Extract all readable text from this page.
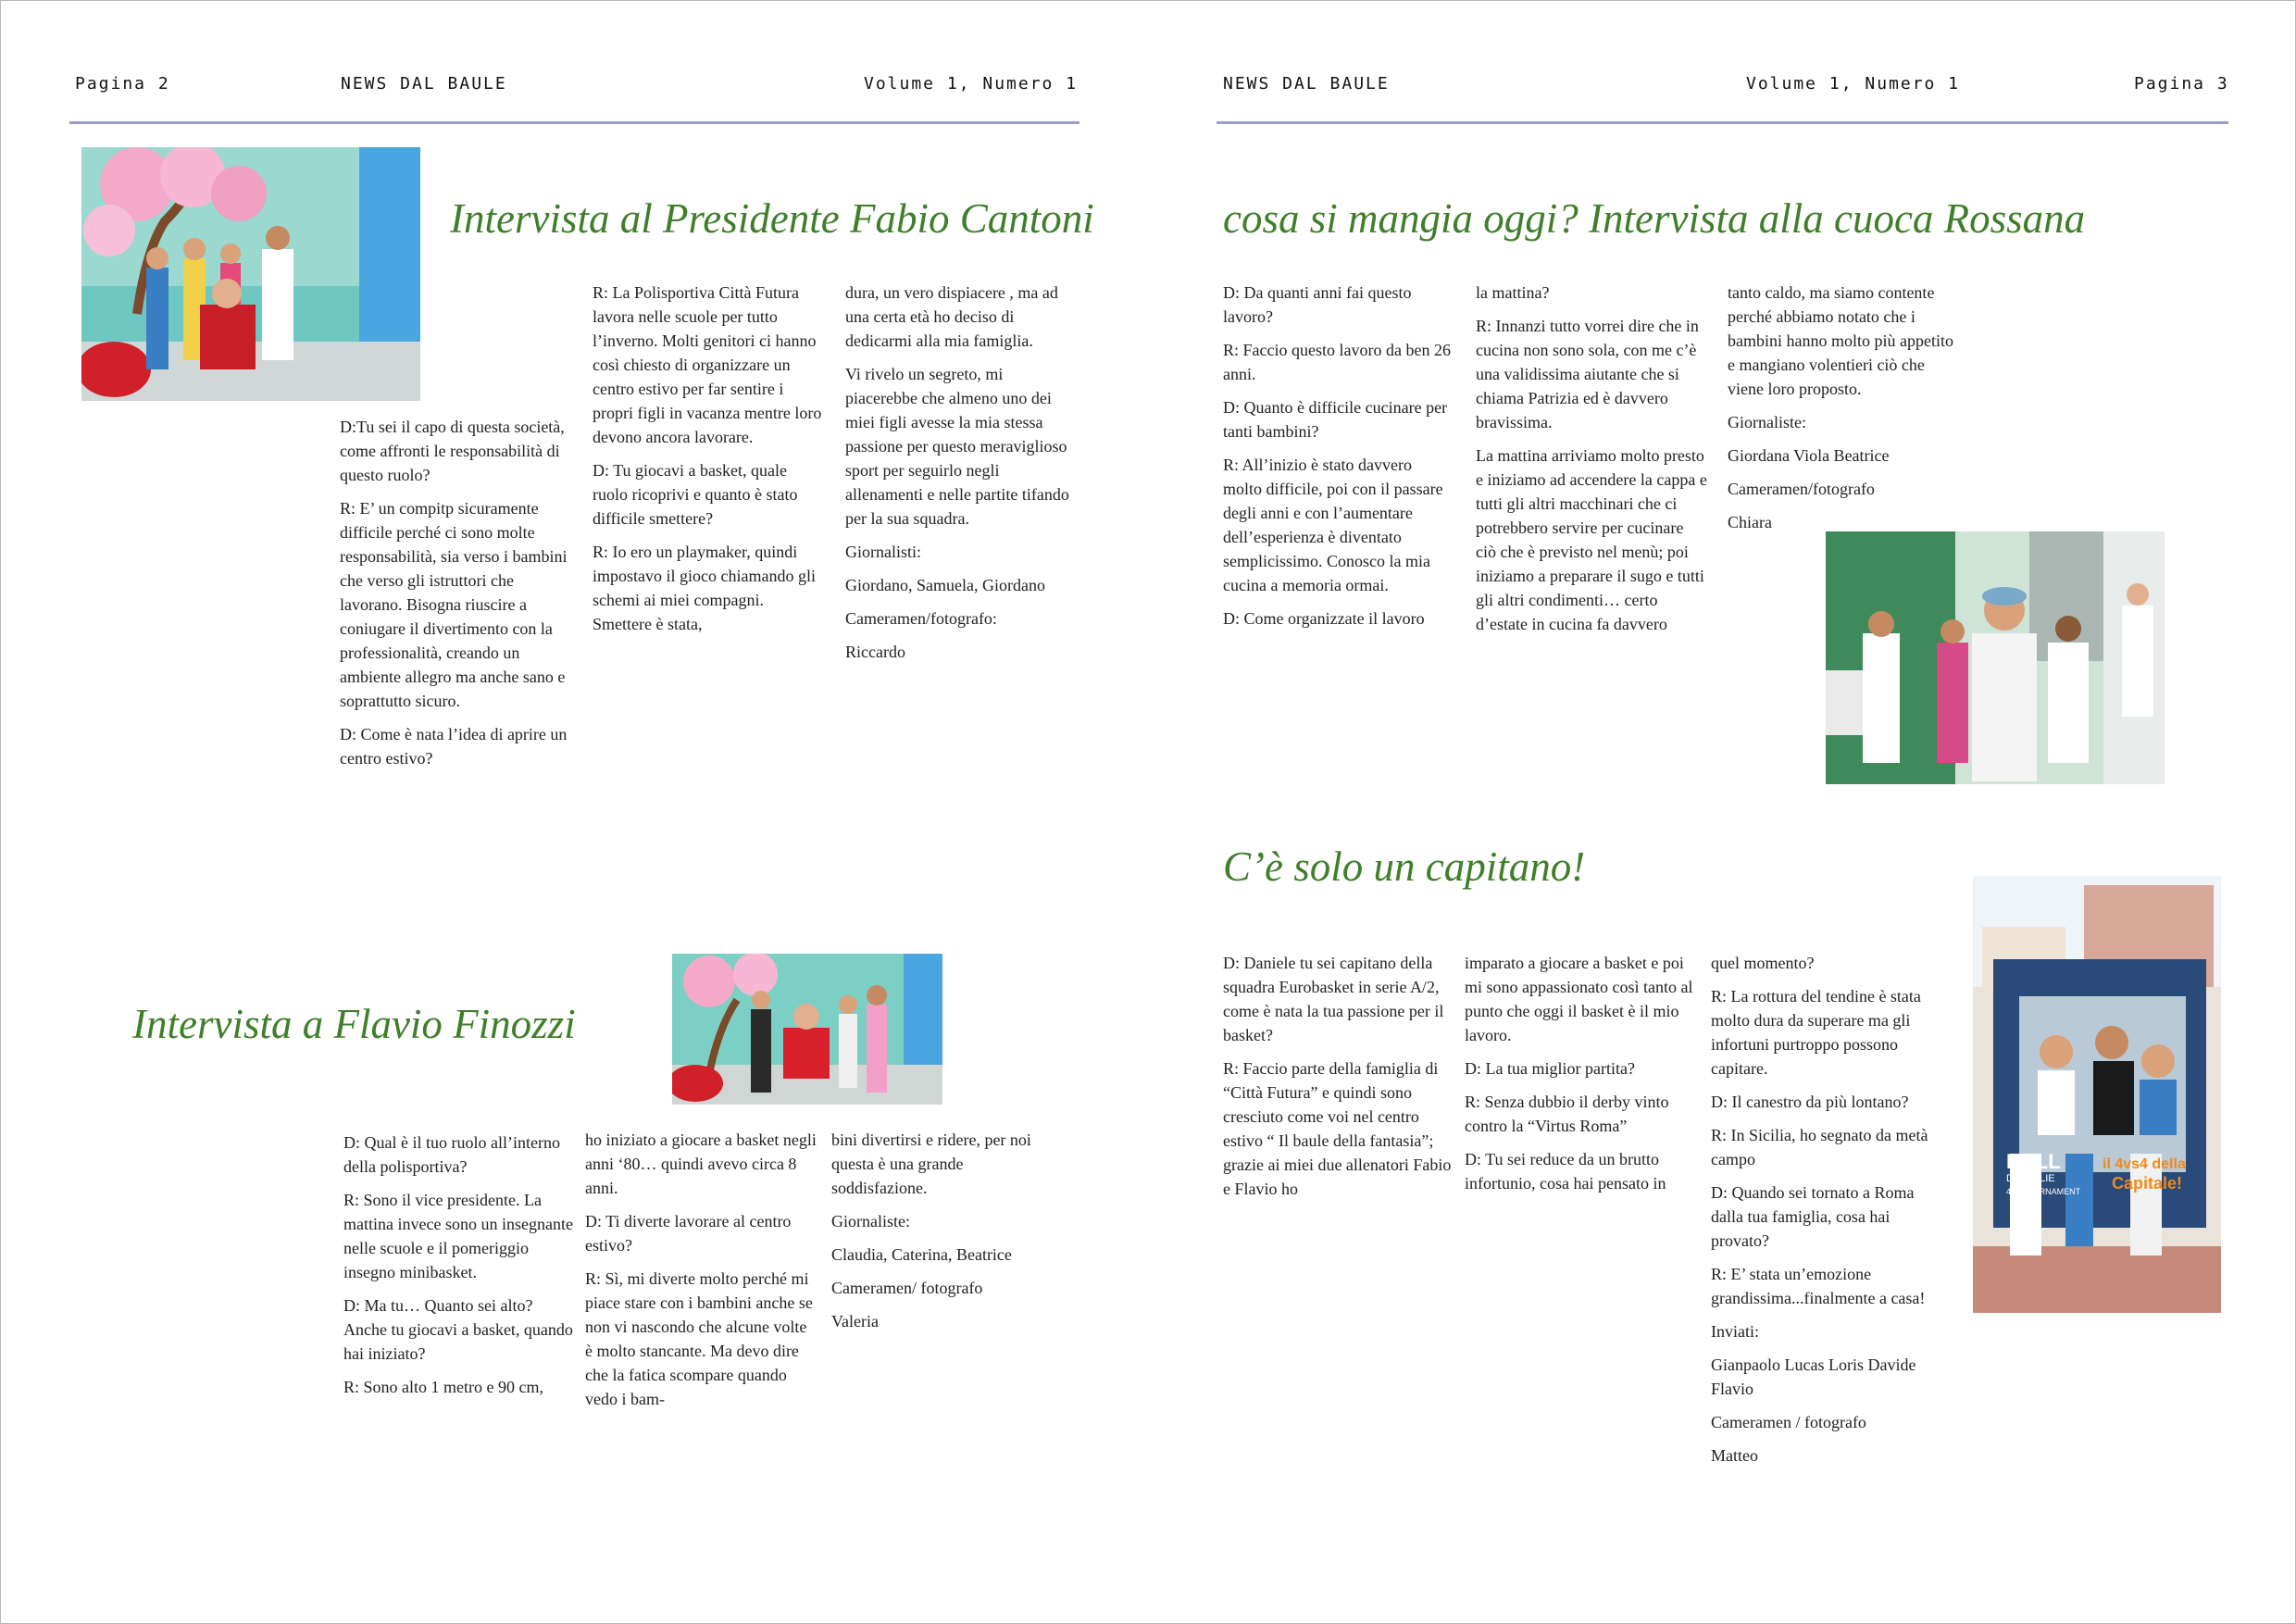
Pagina 2	NEWS DAL BAULE	Volume 1, Numero 1	NEWS DAL BAULE	Volume 1, Numero 1	Pagina 3
Intervista al Presidente Fabio Cantoni

D:Tu sei il capo di questa società, come affronti le responsabilità di questo ruolo?

R: E’ un compitp sicuramente difficile perché ci sono molte responsabilità, sia verso i bambini che verso gli istruttori che lavorano. Bisogna riuscire a coniugare il divertimento con la professionalità, creando un ambiente allegro ma anche sano e soprattutto sicuro.

D: Come è nata l’idea di aprire un centro estivo?

R: La Polisportiva Città Futura lavora nelle scuole per tutto l’inverno. Molti genitori ci hanno così chiesto di organizzare un centro estivo per far sentire i propri figli in vacanza mentre loro devono ancora lavorare.

D: Tu giocavi a basket, quale ruolo ricoprivi e quanto è stato difficile smettere?

R: Io ero un playmaker, quindi impostavo il gioco chiamando gli schemi ai miei compagni. Smettere è stata,

dura, un vero dispiacere , ma ad una certa età ho deciso di dedicarmi alla mia famiglia.

Vi rivelo un segreto, mi piacerebbe che almeno uno dei miei figli avesse la mia stessa passione per questo meraviglioso sport per seguirlo negli allenamenti e nelle partite tifando per la sua squadra.

Giornalisti:

Giordano, Samuela, Giordano

Cameramen/fotografo:

Riccardo

Intervista a Flavio Finozzi

D: Qual è il tuo ruolo all’interno della polisportiva?

R: Sono il vice presidente. La mattina invece sono un insegnante nelle scuole e il pomeriggio insegno minibasket.

D: Ma tu… Quanto sei alto? Anche tu giocavi a basket, quando hai iniziato?

R: Sono alto 1 metro e 90 cm,

ho iniziato a giocare a basket negli anni ‘80… quindi avevo circa 8 anni.

D: Ti diverte lavorare al centro estivo?

R: Sì, mi diverte molto perché mi piace stare con i bambini anche se non vi nascondo che alcune volte è molto stancante. Ma devo dire che la fatica scompare quando vedo i bam-

bini divertirsi e ridere, per noi questa è una grande soddisfazione.

Giornaliste:

Claudia, Caterina, Beatrice

Cameramen/ fotografo

Valeria

cosa si mangia oggi? Intervista alla cuoca Rossana

D: Da quanti anni fai questo lavoro?

R: Faccio questo lavoro da ben 26 anni.

D: Quanto è difficile cucinare per tanti bambini?

R: All’inizio è stato davvero molto difficile, poi con il passare degli anni e con l’aumentare dell’esperienza è diventato semplicissimo. Conosco la mia cucina a memoria ormai.

D: Come organizzate il lavoro

la mattina?

R: Innanzi tutto vorrei dire che in cucina non sono sola, con me c’è una validissima aiutante che si chiama Patrizia ed è davvero bravissima.

La mattina arriviamo molto presto e iniziamo ad accendere la cappa e tutti gli altri macchinari che ci potrebbero servire per cucinare ciò che è previsto nel menù; poi iniziamo a preparare il sugo e tutti gli altri condimenti… certo d’estate in cucina fa davvero

tanto caldo, ma siamo contente perché abbiamo notato che i bambini hanno molto più appetito e mangiano volentieri ciò che viene loro proposto.

Giornaliste:

Giordana Viola Beatrice

Cameramen/fotografo

Chiara

C’è solo un capitano!
BALL
DON'T LIE
4x4 TOURNAMENT
il 4vs4 della
Capitale!

D: Daniele tu sei capitano della squadra Eurobasket in serie A/2, come è nata la tua passione per il basket?

R: Faccio parte della famiglia di “Città Futura” e quindi sono cresciuto come voi nel centro estivo “ Il baule della fantasia”; grazie ai miei due allenatori Fabio e Flavio ho

imparato a giocare a basket e poi mi sono appassionato così tanto al punto che oggi il basket è il mio lavoro.

D: La tua miglior partita?

R: Senza dubbio il derby vinto contro la “Virtus Roma”

D: Tu sei reduce da un brutto infortunio, cosa hai pensato in

quel momento?

R: La rottura del tendine è stata molto dura da superare ma gli infortuni purtroppo possono capitare.

D: Il canestro da più lontano?

R: In Sicilia, ho segnato da metà campo

D: Quando sei tornato a Roma dalla tua famiglia, cosa hai provato?

R: E’ stata un’emozione grandissima...finalmente a casa!

Inviati:

Gianpaolo Lucas Loris Davide Flavio

Cameramen / fotografo

Matteo
